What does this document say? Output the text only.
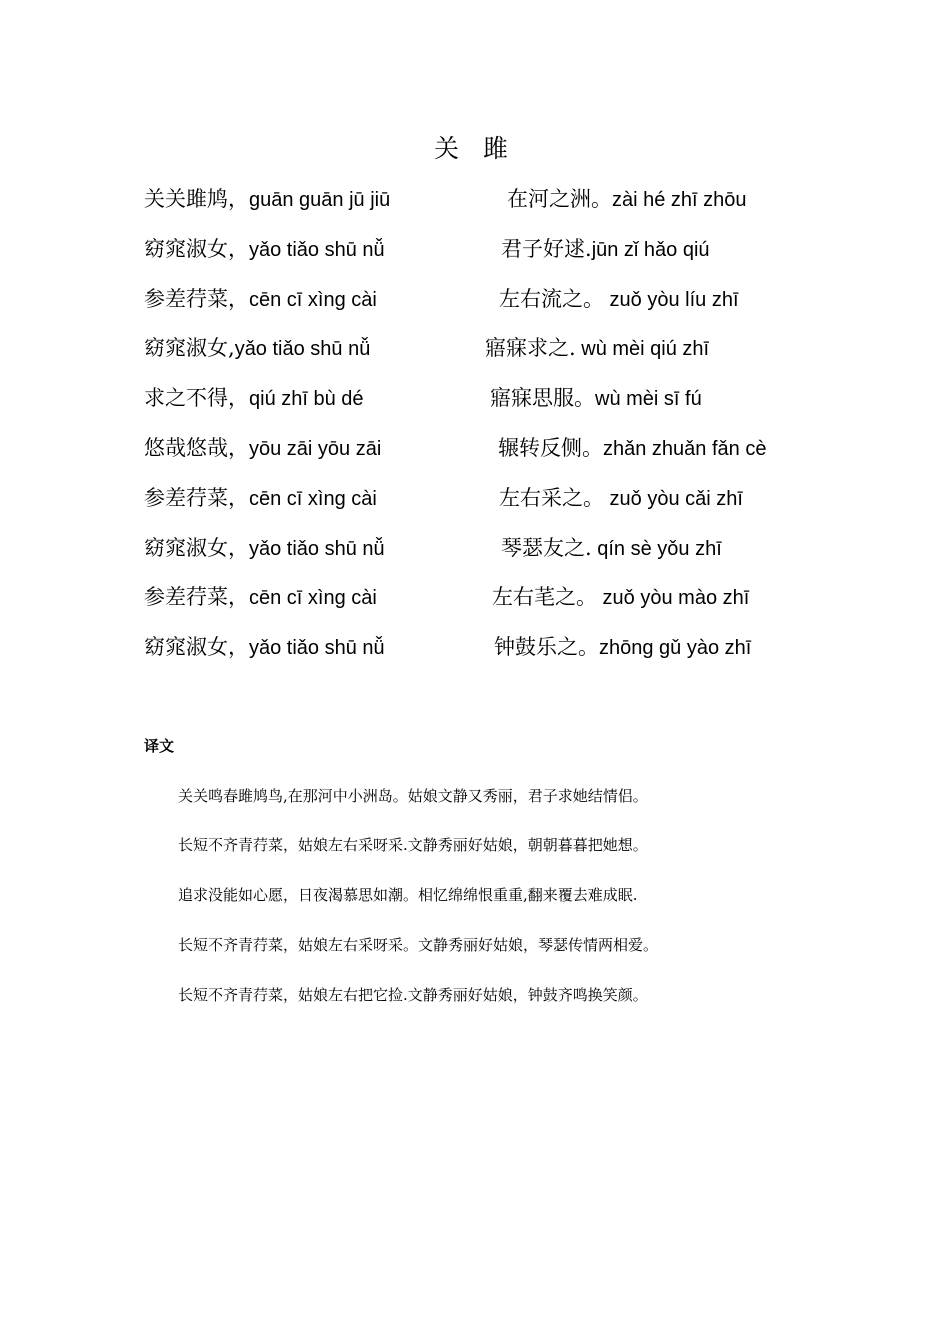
关 雎
关关雎鸠，guān guān jū jiū	在河之洲。zài hé zhī zhōu
窈窕淑女，yǎo tiǎo shū nǚ	君子好逑.jūn zǐ hǎo qiú
参差荇菜，cēn cī xìng cài	左右流之。 zuǒ yòu líu zhī
窈窕淑女,yǎo tiǎo shū nǚ	寤寐求之. wù mèi qiú zhī
求之不得，qiú zhī bù dé	寤寐思服。wù mèi sī fú
悠哉悠哉，yōu zāi yōu zāi	辗转反侧。zhǎn zhuǎn fǎn cè
参差荇菜，cēn cī xìng cài	左右采之。 zuǒ yòu cǎi zhī
窈窕淑女，yǎo tiǎo shū nǚ	琴瑟友之. qín sè yǒu zhī
参差荇菜，cēn cī xìng cài	左右芼之。 zuǒ yòu mào zhī
窈窕淑女，yǎo tiǎo shū nǚ	钟鼓乐之。zhōng gǔ yào zhī
译文
关关鸣春雎鸠鸟,在那河中小洲岛。姑娘文静又秀丽，君子求她结情侣。
长短不齐青荇菜，姑娘左右采呀采.文静秀丽好姑娘，朝朝暮暮把她想。
追求没能如心愿，日夜渴慕思如潮。相忆绵绵恨重重,翻来覆去难成眠.
长短不齐青荇菜，姑娘左右采呀采。文静秀丽好姑娘，琴瑟传情两相爱。
长短不齐青荇菜，姑娘左右把它捡.文静秀丽好姑娘，钟鼓齐鸣换笑颜。
